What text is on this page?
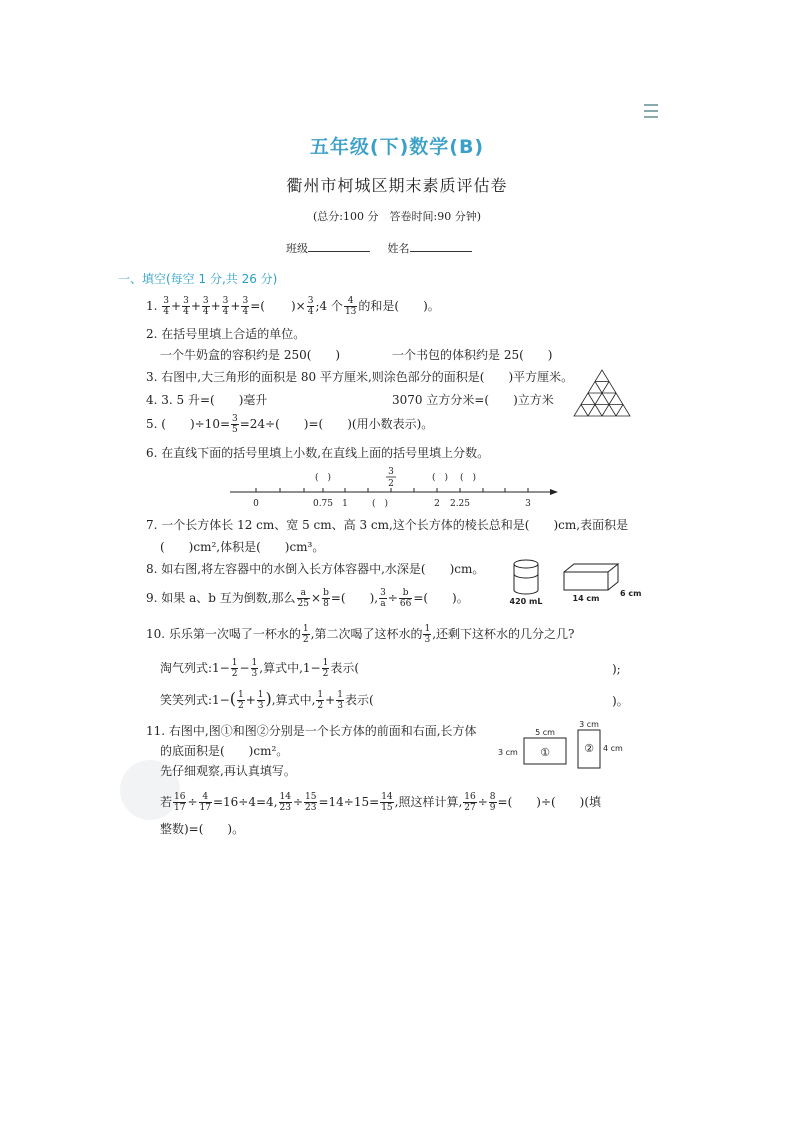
五年级(下)数学(B)
衢州市柯城区期末素质评估卷
(总分:100 分　答卷时间:90 分钟)
班级	姓名
一、填空(每空 1 分,共 26 分)
1. $\frac{3}{4} + \frac{3}{4} + \frac{3}{4} + \frac{3}{4} + \frac{3}{4}$ =( )× $\frac{3}{4}$ ;4 个 $\frac{4}{13}$ 的和是(　　)。
2. 在括号里填上合适的单位。
一个牛奶盒的容积约是 250(　　)	一个书包的体积约是 25(　　)
3. 右图中,大三角形的面积是 80 平方厘米,则涂色部分的面积是(　　)平方厘米。
4. 3. 5 升=(　　)毫升	3070 立方分米=(　　)立方米
5. (　　)$\div 10= \frac{3}{5} =24\div$(　　)=(　　)(用小数表示)。
6. 在直线下面的括号里填上小数,在直线上面的括号里填上分数。
0	0.75 1	(　)	2 2.25	3
(　)	(　) (　)
3
2
7. 一个长方体长 12 cm、宽 5 cm、高 3 cm,这个长方体的棱长总和是(　　)cm,表面积是
(　　)cm²,体积是(　　)cm³。
8. 如右图,将左容器中的水倒入长方体容器中,水深是(　　)cm。
420 mL	14 cm
6 cm
9. 如果 a、b 互为倒数,那么 $\frac{a}{25} \times \frac{b}{8}$ =(　　), $\frac{3}{a} \div \frac{b}{66}$ =(　　)。
10. 乐乐第一次喝了一杯水的 $\frac{1}{2}$ ,第二次喝了这杯水的 $\frac{1}{3}$ ,还剩下这杯水的几分之几?
淘气列式:1− $\frac{1}{2} - \frac{1}{3}$ ,算式中$,1- \frac{1}{2}$ 表示(	);
笑笑列式:1−( $\frac{1}{2} + \frac{1}{3}$ ),算式中, $\frac{1}{2} + \frac{1}{3}$ 表示(	)。
11. 右图中,图①和图②分别是一个长方体的前面和右面,长方体
的底面积是(　　)cm²。
5 cm
3 cm ①
3 cm
4 cm
②
先仔细观察,再认真填写。
若 $\frac{16}{17} \div \frac{4}{17} =16\div 4=4$, $\frac{14}{23} \div \frac{15}{23} =14\div 15= \frac{14}{15}$ ,照这样计算, $\frac{16}{27} \div \frac{8}{9}$ =(　　)÷(　　)(填
整数)=(　　)。
